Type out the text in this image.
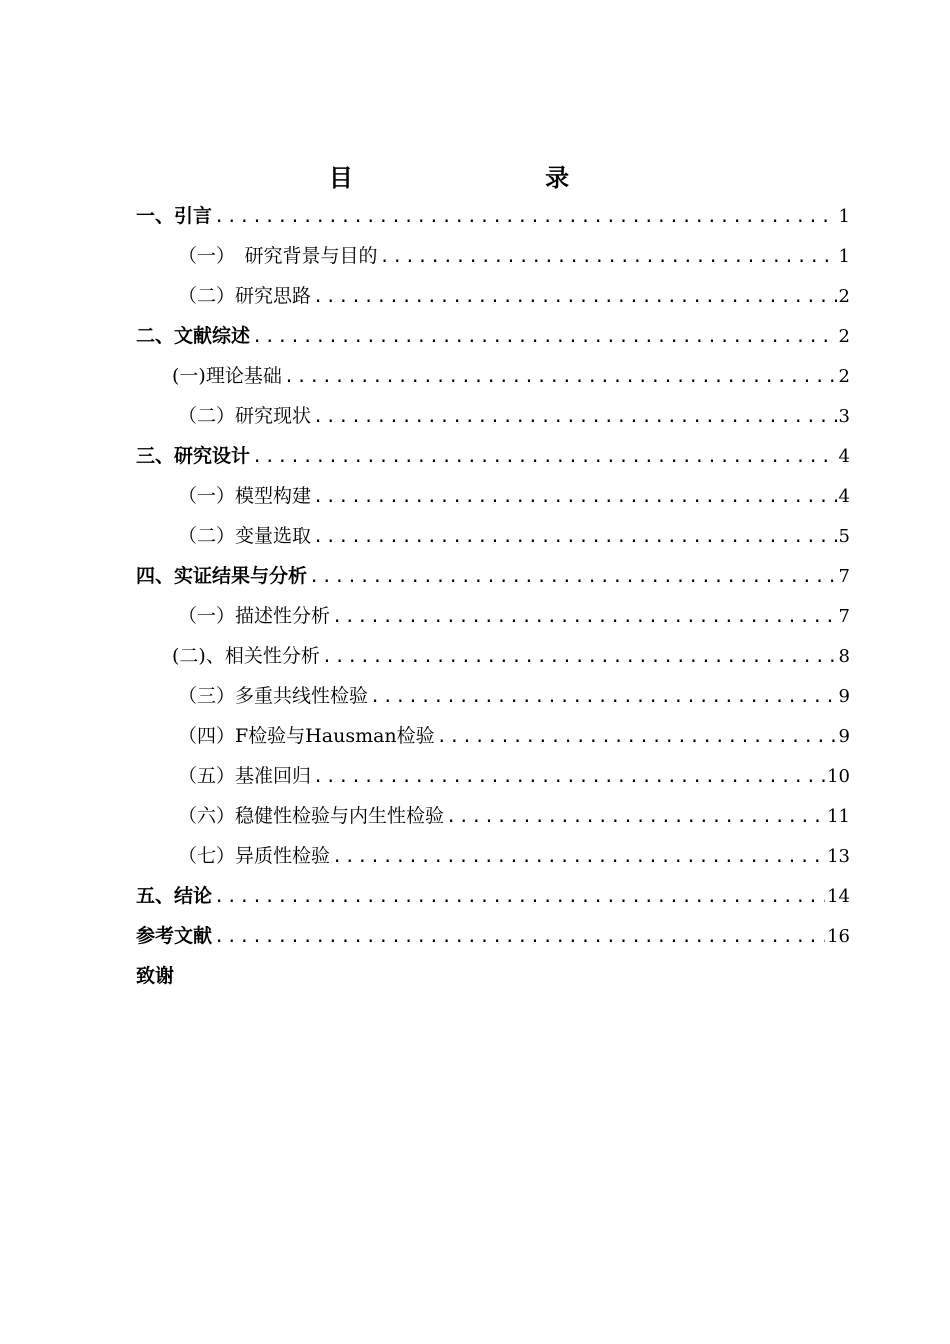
目 录
一、引言 .....	1
（一）　研究背景与目的 .....	1
（二）研究思路 .....	2
二、文献综述 .....	2
(一)理论基础 .....	2
（二）研究现状 .....	3
三、研究设计 .....	4
（一）模型构建 .....	4
（二）变量选取 .....	5
四、实证结果与分析 .....	7
（一）描述性分析 .....	7
(二)、相关性分析 .....	8
（三）多重共线性检验 .....	9
（四）F检验与Hausman检验 .....	9
（五）基准回归 .....	10
（六）稳健性检验与内生性检验 .....	11
（七）异质性检验 .....	13
五、结论 .....	14
参考文献 .....	16
致谢
